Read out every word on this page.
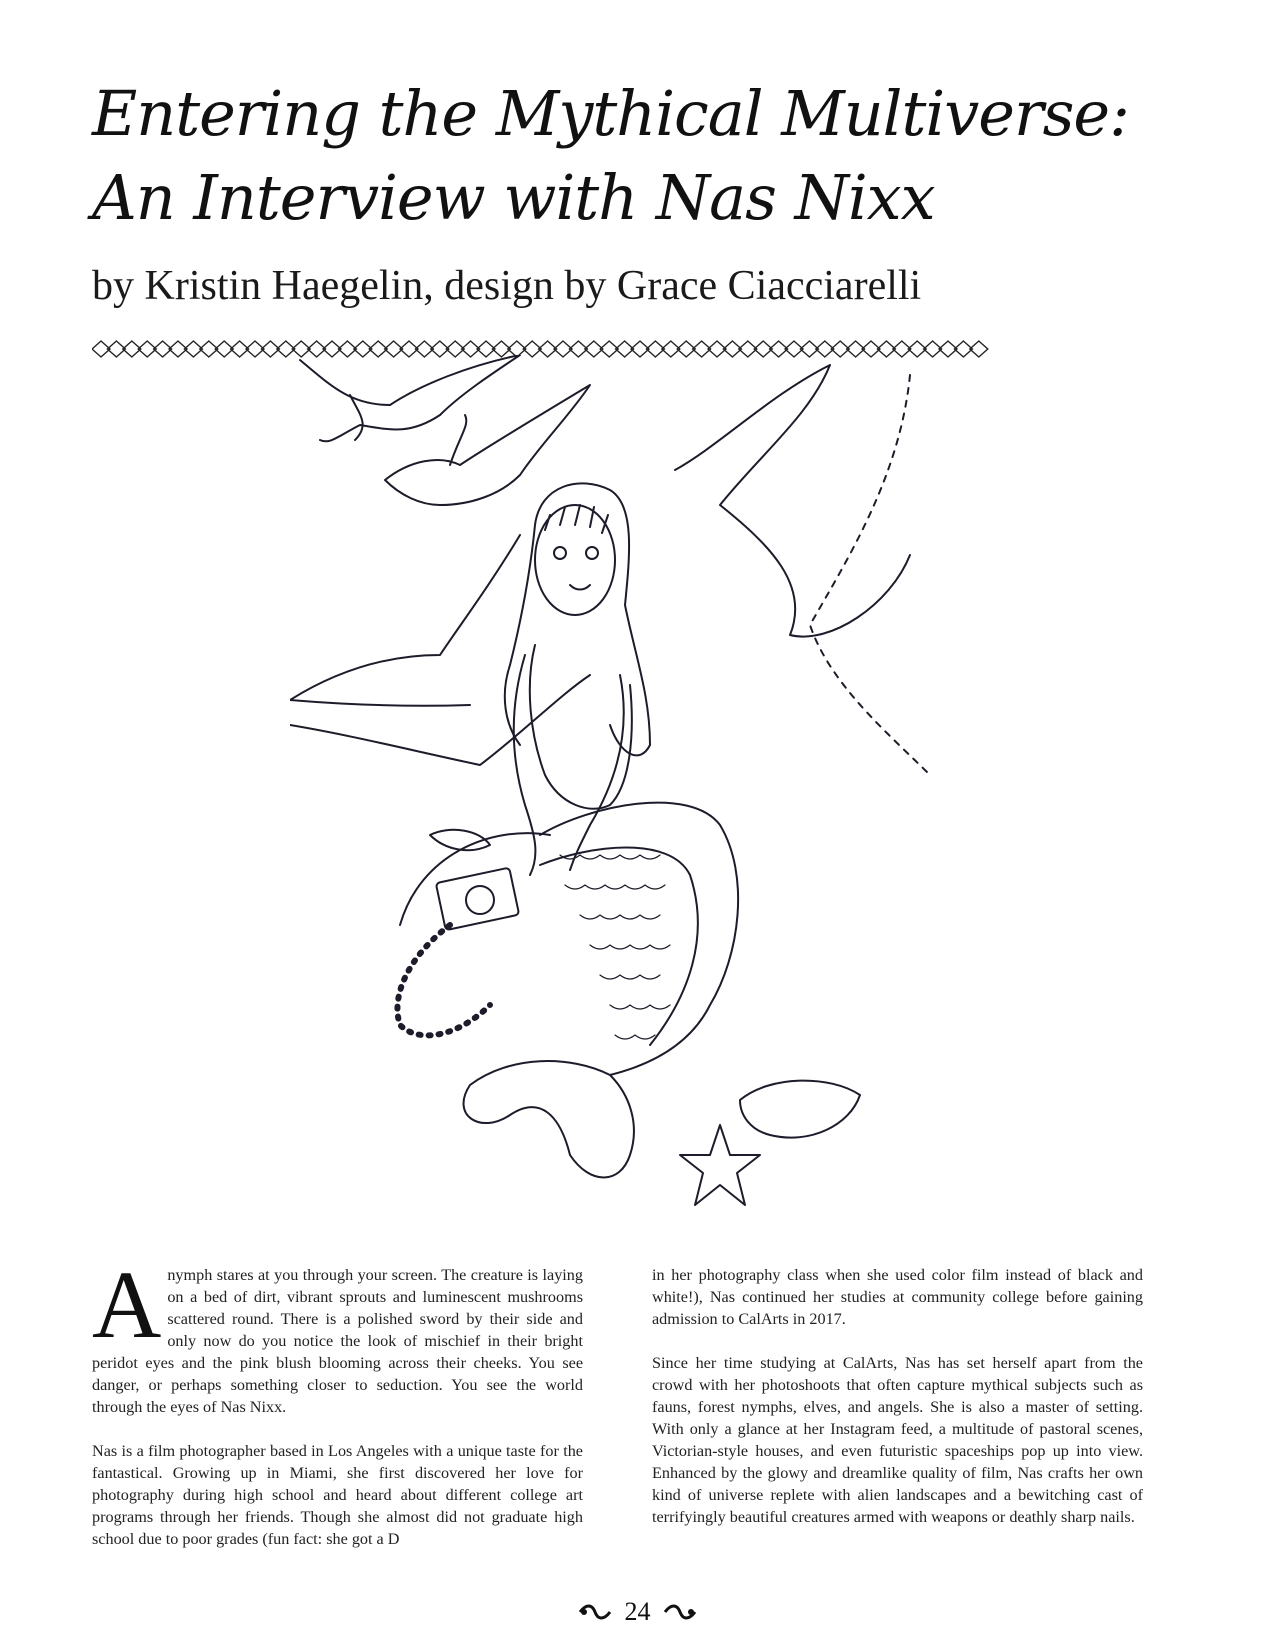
Entering the Mythical Multiverse: An Interview with Nas Nixx
by Kristin Haegelin, design by Grace Ciacciarelli

Anymph stares at you through your screen. The creature is laying on a bed of dirt, vibrant sprouts and luminescent mushrooms scattered round. There is a polished sword by their side and only now do you notice the look of mischief in their bright peridot eyes and the pink blush blooming across their cheeks. You see danger, or perhaps something closer to seduction. You see the world through the eyes of Nas Nixx.

Nas is a film photographer based in Los Angeles with a unique taste for the fantastical. Growing up in Miami, she first discovered her love for photography during high school and heard about different college art programs through her friends. Though she almost did not graduate high school due to poor grades (fun fact: she got a D

in her photography class when she used color film instead of black and white!), Nas continued her studies at community college before gaining admission to CalArts in 2017.

Since her time studying at CalArts, Nas has set herself apart from the crowd with her photoshoots that often capture mythical subjects such as fauns, forest nymphs, elves, and angels. She is also a master of setting. With only a glance at her Instagram feed, a multitude of pastoral scenes, Victorian-style houses, and even futuristic spaceships pop up into view. Enhanced by the glowy and dreamlike quality of film, Nas crafts her own kind of universe replete with alien landscapes and a bewitching cast of terrifyingly beautiful creatures armed with weapons or deathly sharp nails.

24
